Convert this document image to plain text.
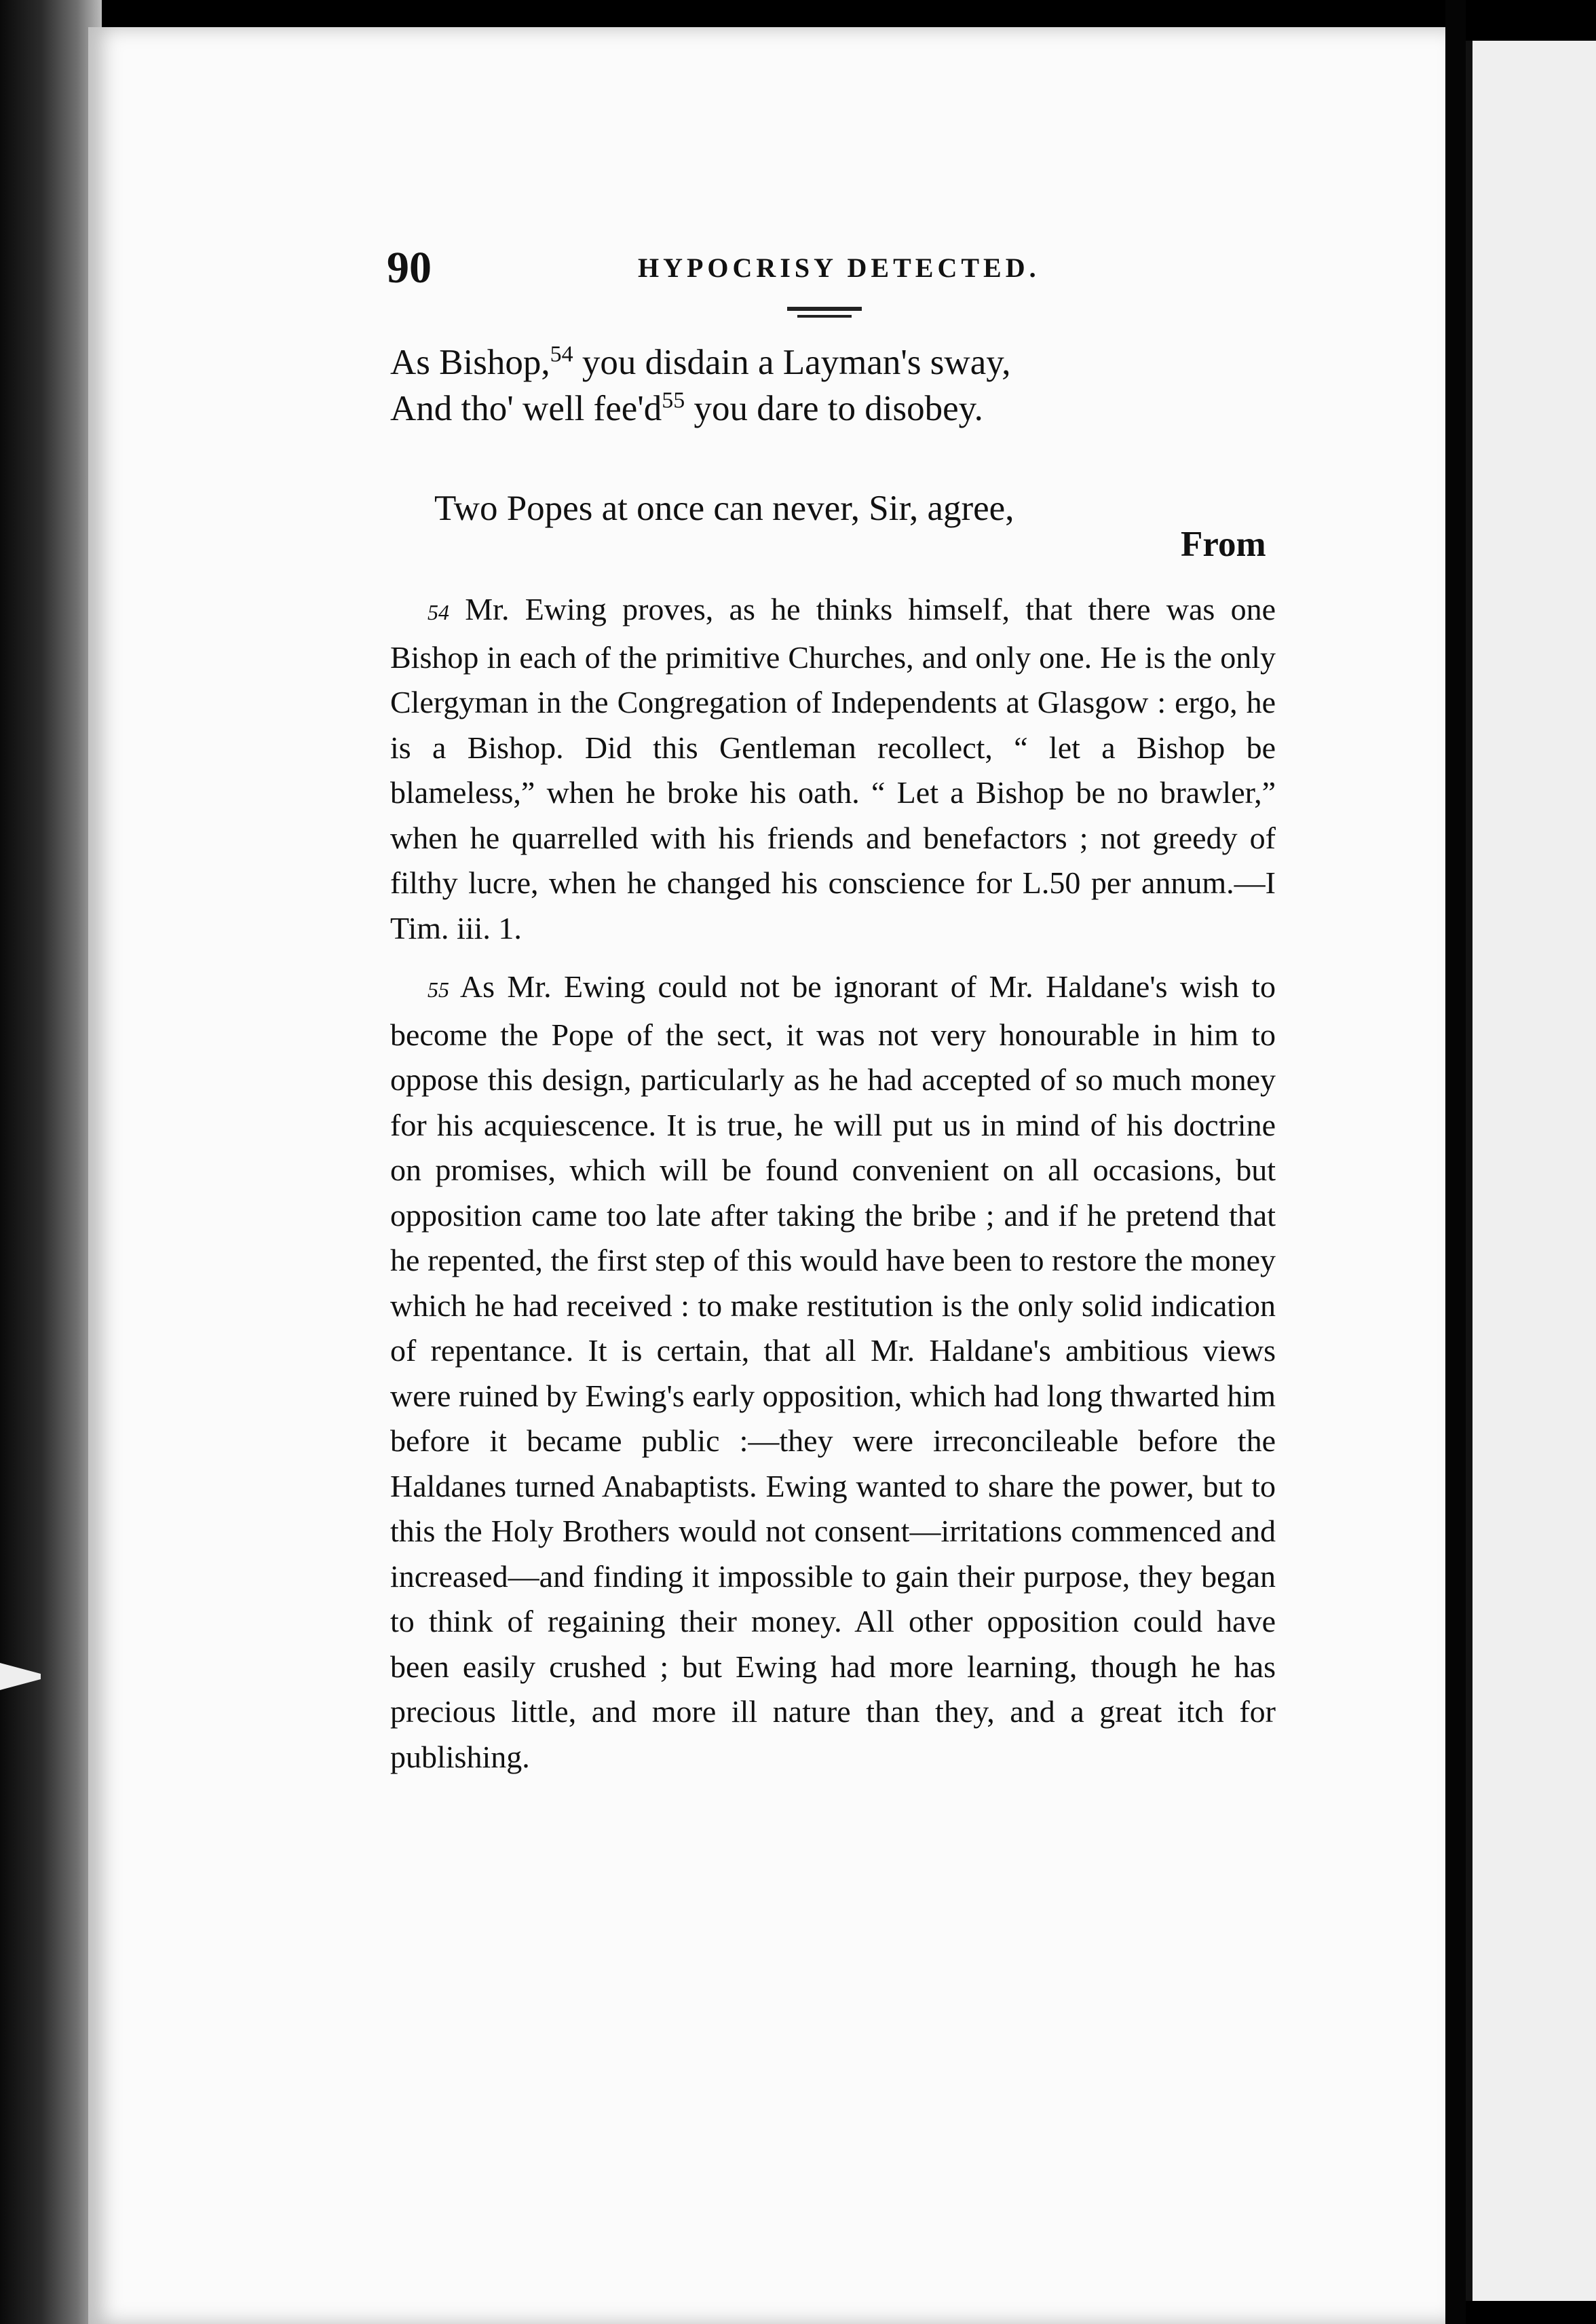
90	HYPOCRISY DETECTED.

As Bishop,$^{54}$ you disdain a Layman's sway,

And tho' well $fee'd^{55}$ you dare to disobey.

Two Popes at once can never, Sir, agree,

From

54 Mr. Ewing proves, as he thinks himself, that there was one Bishop in each of the primitive Churches, and only one. He is the only Clergyman in the Congregation of Independents at Glasgow : ergo, he is a Bishop. Did this Gentleman recollect, “ let a Bishop be blameless,” when he broke his oath. “ Let a Bishop be no brawler,” when he quarrelled with his friends and benefactors ; not greedy of filthy lucre, when he changed his conscience for L.50 per annum.—I Tim. iii. 1.

55 As Mr. Ewing could not be ignorant of Mr. Haldane's wish to become the Pope of the sect, it was not very honourable in him to oppose this design, particularly as he had accepted of so much money for his acquiescence. It is true, he will put us in mind of his doctrine on promises, which will be found convenient on all occasions, but opposition came too late after taking the bribe ; and if he pretend that he repented, the first step of this would have been to restore the money which he had received : to make restitution is the only solid indication of repentance. It is certain, that all Mr. Haldane's ambitious views were ruined by Ewing's early opposition, which had long thwarted him before it became public :—they were irreconcileable before the Haldanes turned Anabaptists. Ewing wanted to share the power, but to this the Holy Brothers would not consent—irritations commenced and increased—and finding it impossible to gain their purpose, they began to think of regaining their money. All other opposition could have been easily crushed ; but Ewing had more learning, though he has precious little, and more ill nature than they, and a great itch for publishing.
